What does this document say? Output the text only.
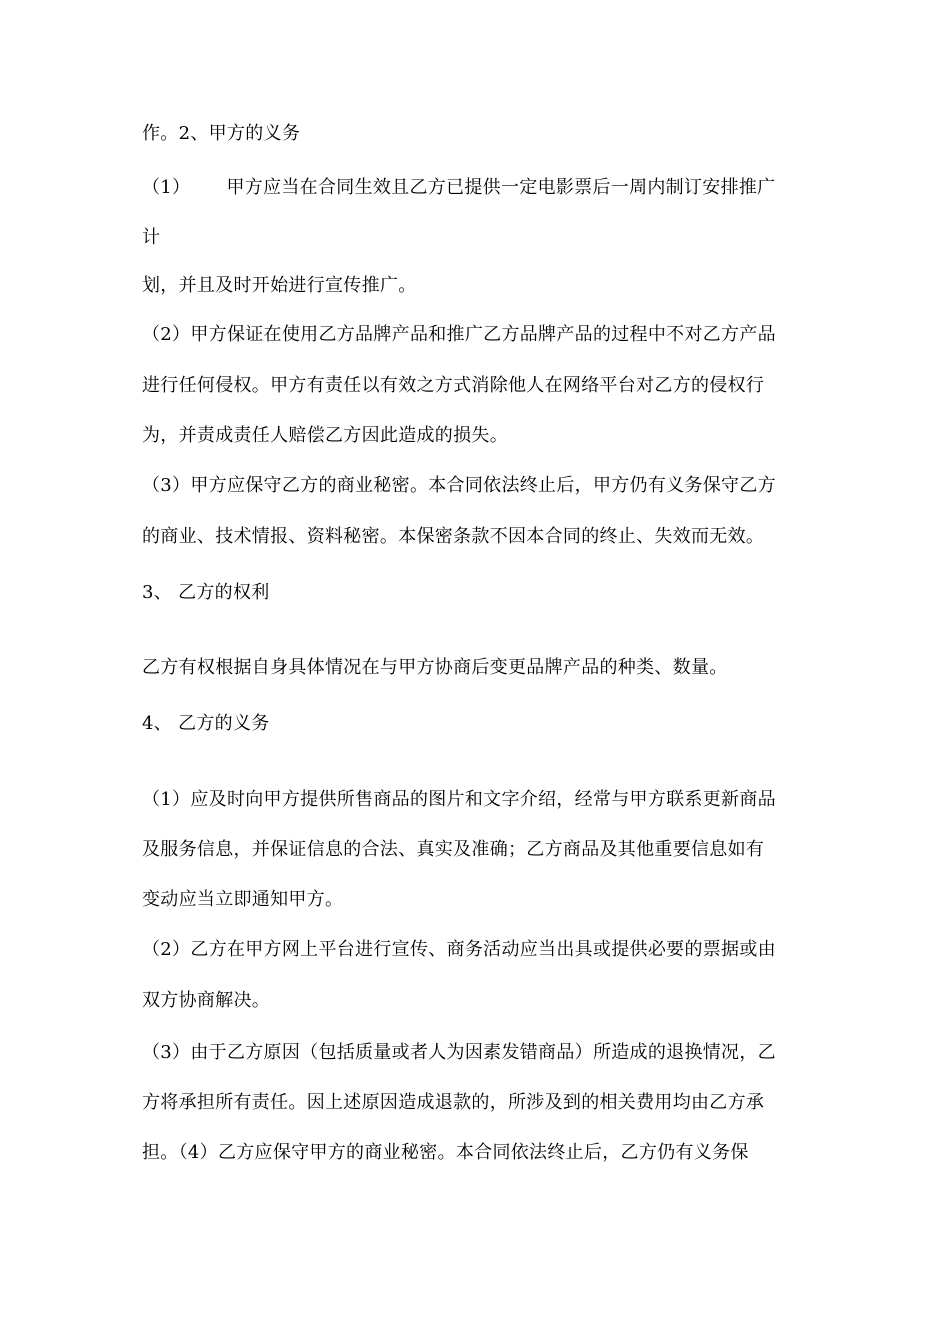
作。2、甲方的义务
（1）      甲方应当在合同生效且乙方已提供一定电影票后一周内制订安排推广
计
划，并且及时开始进行宣传推广。
（2）甲方保证在使用乙方品牌产品和推广乙方品牌产品的过程中不对乙方产品
进行任何侵权。甲方有责任以有效之方式消除他人在网络平台对乙方的侵权行
为，并责成责任人赔偿乙方因此造成的损失。
（3）甲方应保守乙方的商业秘密。本合同依法终止后，甲方仍有义务保守乙方
的商业、技术情报、资料秘密。本保密条款不因本合同的终止、失效而无效。
3、 乙方的权利
乙方有权根据自身具体情况在与甲方协商后变更品牌产品的种类、数量。
4、 乙方的义务
（1）应及时向甲方提供所售商品的图片和文字介绍，经常与甲方联系更新商品
及服务信息，并保证信息的合法、真实及准确；乙方商品及其他重要信息如有
变动应当立即通知甲方。
（2）乙方在甲方网上平台进行宣传、商务活动应当出具或提供必要的票据或由
双方协商解决。
（3）由于乙方原因（包括质量或者人为因素发错商品）所造成的退换情况，乙
方将承担所有责任。因上述原因造成退款的，所涉及到的相关费用均由乙方承
担。（4）乙方应保守甲方的商业秘密。本合同依法终止后，乙方仍有义务保
